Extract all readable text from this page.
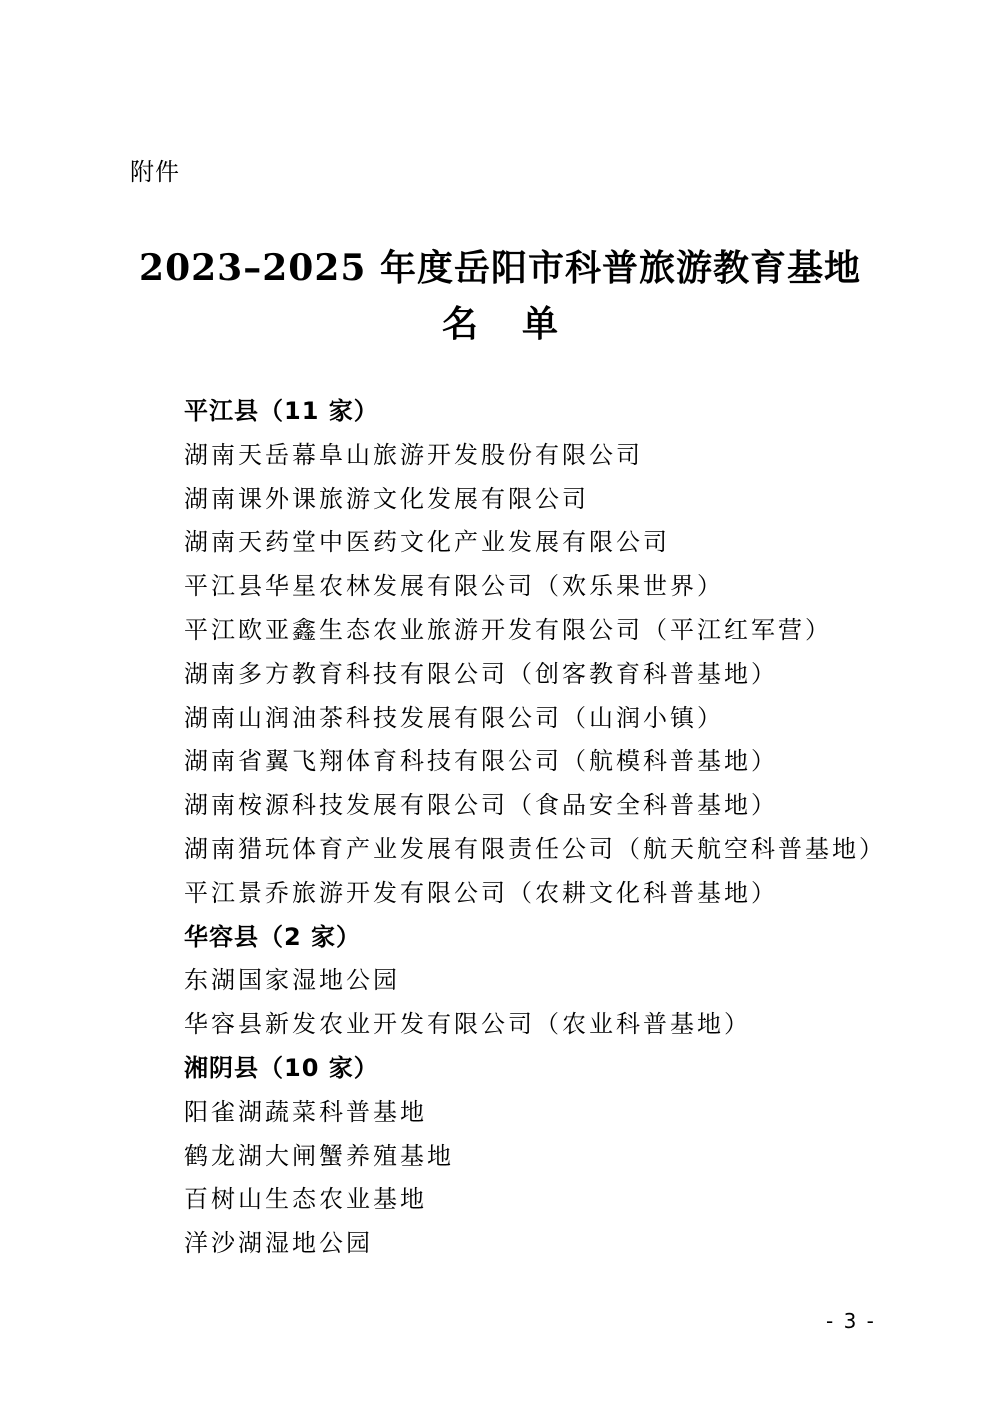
附件
2023–2025 年度岳阳市科普旅游教育基地
名单
平江县（11 家）
湖南天岳幕阜山旅游开发股份有限公司
湖南课外课旅游文化发展有限公司
湖南天药堂中医药文化产业发展有限公司
平江县华星农林发展有限公司（欢乐果世界）
平江欧亚鑫生态农业旅游开发有限公司（平江红军营）
湖南多方教育科技有限公司（创客教育科普基地）
湖南山润油茶科技发展有限公司（山润小镇）
湖南省翼飞翔体育科技有限公司（航模科普基地）
湖南桉源科技发展有限公司（食品安全科普基地）
湖南猎玩体育产业发展有限责任公司（航天航空科普基地）
平江景乔旅游开发有限公司（农耕文化科普基地）
华容县（2 家）
东湖国家湿地公园
华容县新发农业开发有限公司（农业科普基地）
湘阴县（10 家）
阳雀湖蔬菜科普基地
鹤龙湖大闸蟹养殖基地
百树山生态农业基地
洋沙湖湿地公园
- 3 -
